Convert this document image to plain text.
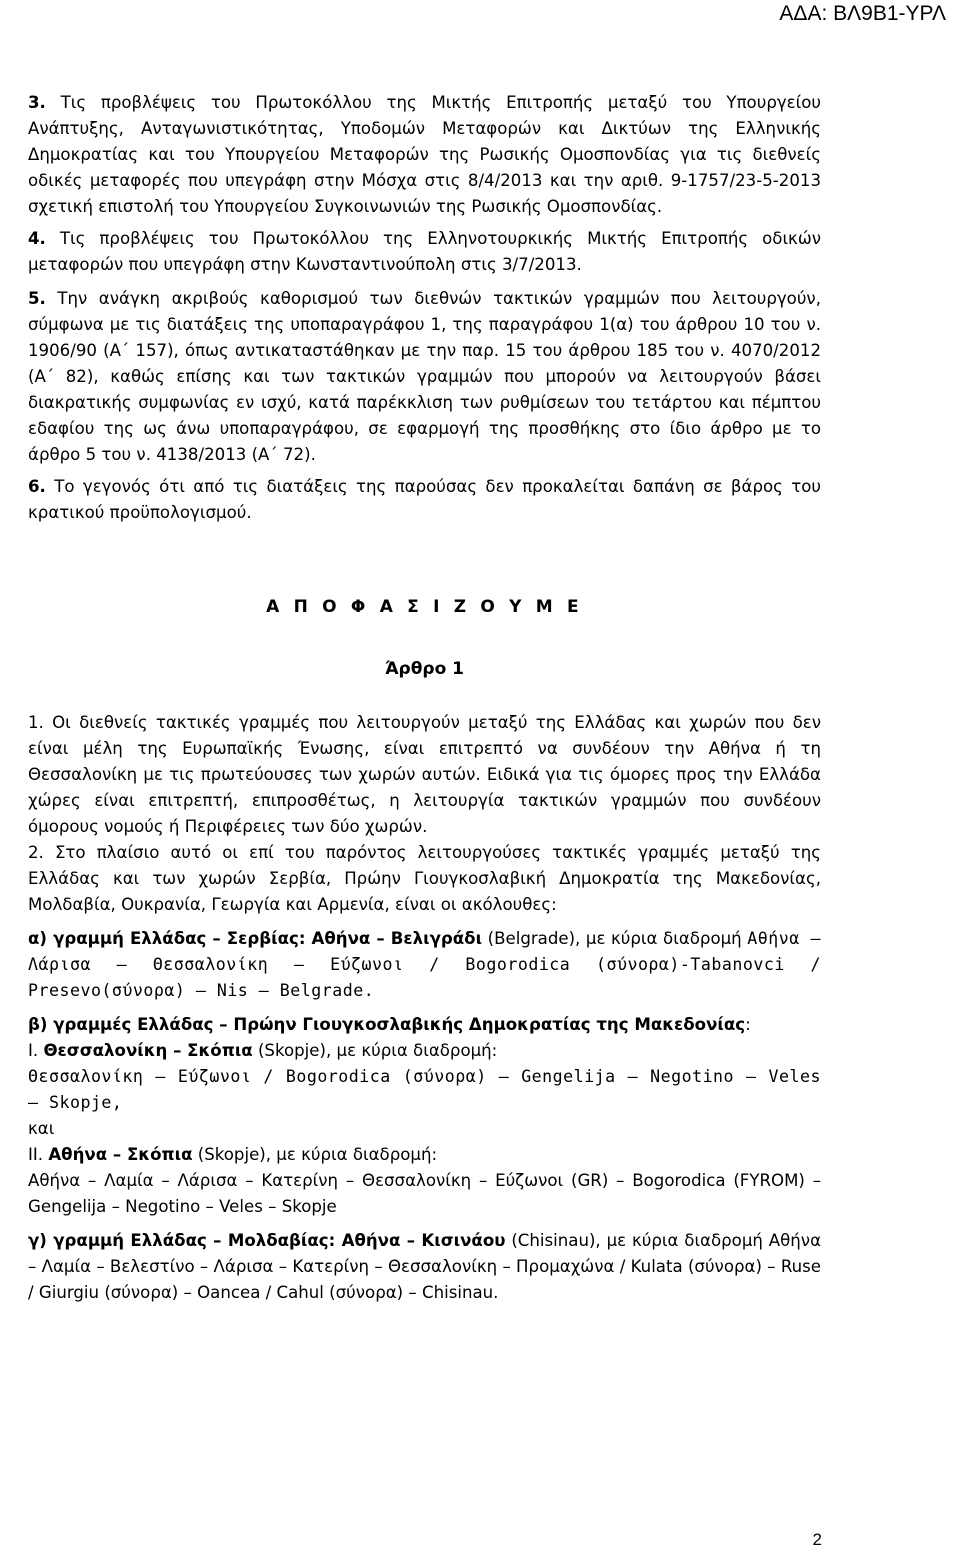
ΑΔΑ: ΒΛ9Β1-ΥΡΛ

3. Τις προβλέψεις του Πρωτοκόλλου της Μικτής Επιτροπής μεταξύ του Υπουργείου Ανάπτυξης, Ανταγωνιστικότητας, Υποδομών Μεταφορών και Δικτύων της Ελληνικής Δημοκρατίας και του Υπουργείου Μεταφορών της Ρωσικής Ομοσπονδίας για τις διεθνείς οδικές μεταφορές που υπεγράφη στην Μόσχα στις 8/4/2013 και την αριθ. 9-1757/23-5-2013 σχετική επιστολή του Υπουργείου Συγκοινωνιών της Ρωσικής Ομοσπονδίας.

4. Τις προβλέψεις του Πρωτοκόλλου της Ελληνοτουρκικής Μικτής Επιτροπής οδικών μεταφορών που υπεγράφη στην Κωνσταντινούπολη στις 3/7/2013.

5. Την ανάγκη ακριβούς καθορισμού των διεθνών τακτικών γραμμών που λειτουργούν, σύμφωνα με τις διατάξεις της υποπαραγράφου 1, της παραγράφου 1(α) του άρθρου 10 του ν. 1906/90 (Α΄ 157), όπως αντικαταστάθηκαν με την παρ. 15 του άρθρου 185 του ν. 4070/2012 (Α΄ 82), καθώς επίσης και των τακτικών γραμμών που μπορούν να λειτουργούν βάσει διακρατικής συμφωνίας εν ισχύ, κατά παρέκκλιση των ρυθμίσεων του τετάρτου και πέμπτου εδαφίου της ως άνω υποπαραγράφου, σε εφαρμογή της προσθήκης στο ίδιο άρθρο με το άρθρο 5 του ν. 4138/2013 (Α΄ 72).

6. Το γεγονός ότι από τις διατάξεις της παρούσας δεν προκαλείται δαπάνη σε βάρος του κρατικού προϋπολογισμού.

Α Π Ο Φ Α Σ Ι Ζ Ο Υ Μ Ε

Άρθρο 1

1. Οι διεθνείς τακτικές γραμμές που λειτουργούν μεταξύ της Ελλάδας και χωρών που δεν είναι μέλη της Ευρωπαϊκής Ένωσης, είναι επιτρεπτό να συνδέουν την Αθήνα ή τη Θεσσαλονίκη με τις πρωτεύουσες των χωρών αυτών. Ειδικά για τις όμορες προς την Ελλάδα χώρες είναι επιτρεπτή, επιπροσθέτως, η λειτουργία τακτικών γραμμών που συνδέουν όμορους νομούς ή Περιφέρειες των δύο χωρών.

2. Στο πλαίσιο αυτό οι επί του παρόντος λειτουργούσες τακτικές γραμμές μεταξύ της Ελλάδας και των χωρών Σερβία, Πρώην Γιουγκοσλαβική Δημοκρατία της Μακεδονίας, Μολδαβία, Ουκρανία, Γεωργία και Αρμενία, είναι οι ακόλουθες:

α) γραμμή Ελλάδας – Σερβίας: Αθήνα – Βελιγράδι (Belgrade), με κύρια διαδρομή Αθήνα – Λάρισα – Θεσσαλονίκη – Εύζωνοι / Bogorodica (σύνορα)-Tabanovci / Presevo(σύνορα) – Nis – Belgrade.

β) γραμμές Ελλάδας – Πρώην Γιουγκοσλαβικής Δημοκρατίας της Μακεδονίας:

Ι. Θεσσαλονίκη – Σκόπια (Skopje), με κύρια διαδρομή:

Θεσσαλονίκη – Εύζωνοι / Bogorodica (σύνορα) – Gengelija – Negotino – Veles – Skopje,

και

ΙΙ. Αθήνα – Σκόπια (Skopje), με κύρια διαδρομή:

Αθήνα – Λαμία – Λάρισα – Κατερίνη – Θεσσαλονίκη – Εύζωνοι (GR) – Bogorodica (FYROM) – Gengelija – Negotino – Veles – Skopje

γ) γραμμή Ελλάδας – Μολδαβίας: Αθήνα – Κισινάου (Chisinau), με κύρια διαδρομή Αθήνα – Λαμία – Βελεστίνο – Λάρισα – Κατερίνη – Θεσσαλονίκη – Προμαχώνα / Kulata (σύνορα) – Ruse / Giurgiu (σύνορα) – Oancea / Cahul (σύνορα) – Chisinau.

2
